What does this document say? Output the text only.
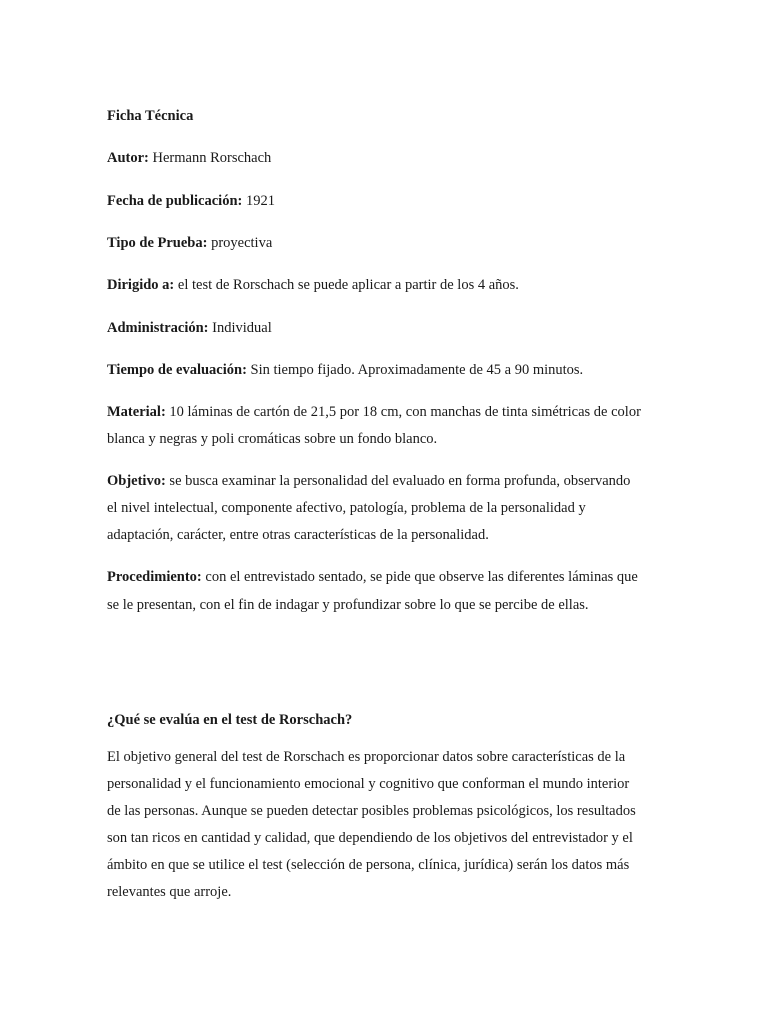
Ficha Técnica
Autor: Hermann Rorschach
Fecha de publicación: 1921
Tipo de Prueba: proyectiva
Dirigido a: el test de Rorschach se puede aplicar a partir de los 4 años.
Administración: Individual
Tiempo de evaluación: Sin tiempo fijado. Aproximadamente de 45 a 90 minutos.
Material: 10 láminas de cartón de 21,5 por 18 cm, con manchas de tinta simétricas de color
blanca y negras y poli cromáticas sobre un fondo blanco.
Objetivo: se busca examinar la personalidad del evaluado en forma profunda, observando
el nivel intelectual, componente afectivo, patología, problema de la personalidad y
adaptación, carácter, entre otras características de la personalidad.
Procedimiento: con el entrevistado sentado, se pide que observe las diferentes láminas que
se le presentan, con el fin de indagar y profundizar sobre lo que se percibe de ellas.
¿Qué se evalúa en el test de Rorschach?
El objetivo general del test de Rorschach es proporcionar datos sobre características de la
personalidad y el funcionamiento emocional y cognitivo que conforman el mundo interior
de las personas. Aunque se pueden detectar posibles problemas psicológicos, los resultados
son tan ricos en cantidad y calidad, que dependiendo de los objetivos del entrevistador y el
ámbito en que se utilice el test (selección de persona, clínica, jurídica) serán los datos más
relevantes que arroje.
